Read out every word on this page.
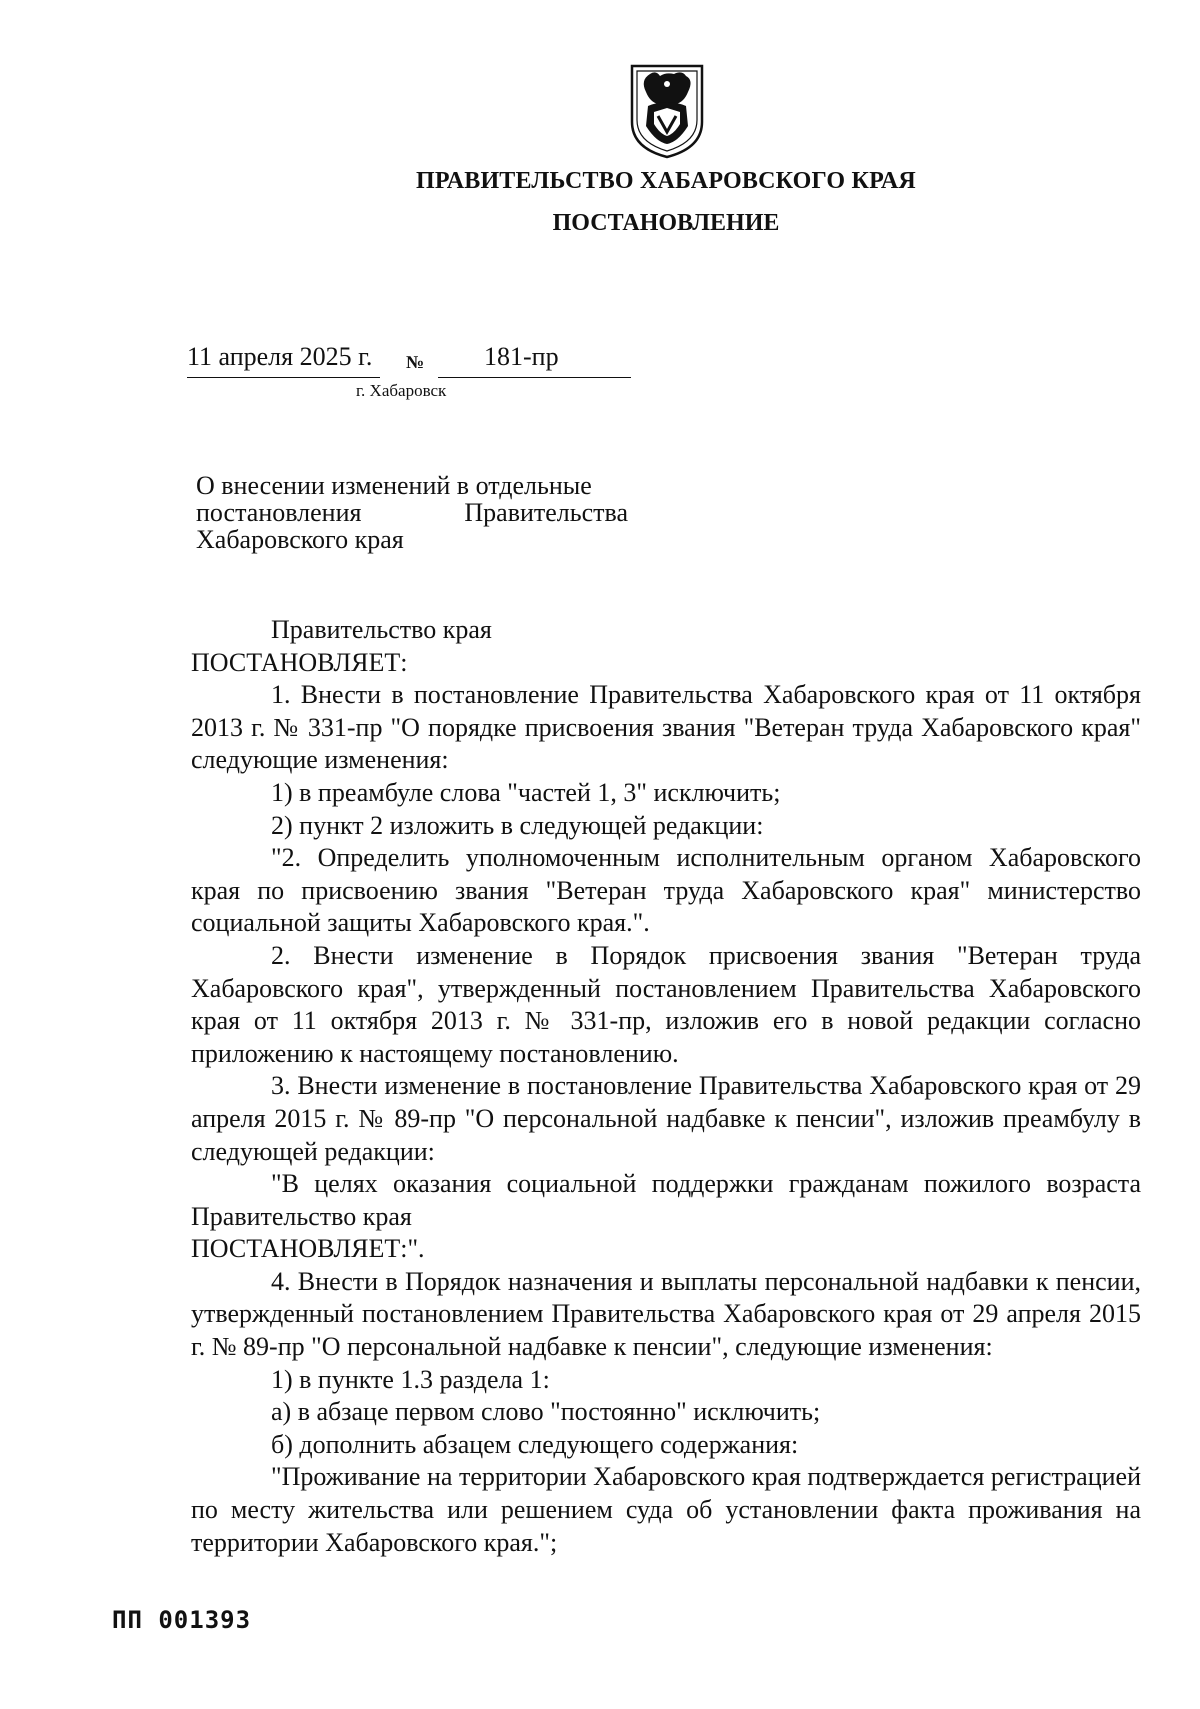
ПРАВИТЕЛЬСТВО ХАБАРОВСКОГО КРАЯ
ПОСТАНОВЛЕНИЕ
11 апреля 2025 г. № 181-пр
г. Хабаровск
О внесении изменений в отдельные
постановления	Правительства
Хабаровского края

Правительство края

ПОСТАНОВЛЯЕТ:

1. Внести в постановление Правительства Хабаровского края от 11 октября 2013 г. № 331-пр "О порядке присвоения звания "Ветеран труда Хабаровского края" следующие изменения:

1) в преамбуле слова "частей 1, 3" исключить;

2) пункт 2 изложить в следующей редакции:

"2. Определить уполномоченным исполнительным органом Хабаровского края по присвоению звания "Ветеран труда Хабаровского края" министерство социальной защиты Хабаровского края.".

2. Внести изменение в Порядок присвоения звания "Ветеран труда Хабаровского края", утвержденный постановлением Правительства Хабаровского края от 11 октября 2013 г. № 331-пр, изложив его в новой редакции согласно приложению к настоящему постановлению.

3. Внести изменение в постановление Правительства Хабаровского края от 29 апреля 2015 г. № 89-пр "О персональной надбавке к пенсии", изложив преамбулу в следующей редакции:

"В целях оказания социальной поддержки гражданам пожилого возраста Правительство края

ПОСТАНОВЛЯЕТ:".

4. Внести в Порядок назначения и выплаты персональной надбавки к пенсии, утвержденный постановлением Правительства Хабаровского края от 29 апреля 2015 г. № 89-пр "О персональной надбавке к пенсии", следующие изменения:

1) в пункте 1.3 раздела 1:

а) в абзаце первом слово "постоянно" исключить;

б) дополнить абзацем следующего содержания:

"Проживание на территории Хабаровского края подтверждается регистрацией по месту жительства или решением суда об установлении факта проживания на территории Хабаровского края.";

ПП 001393
